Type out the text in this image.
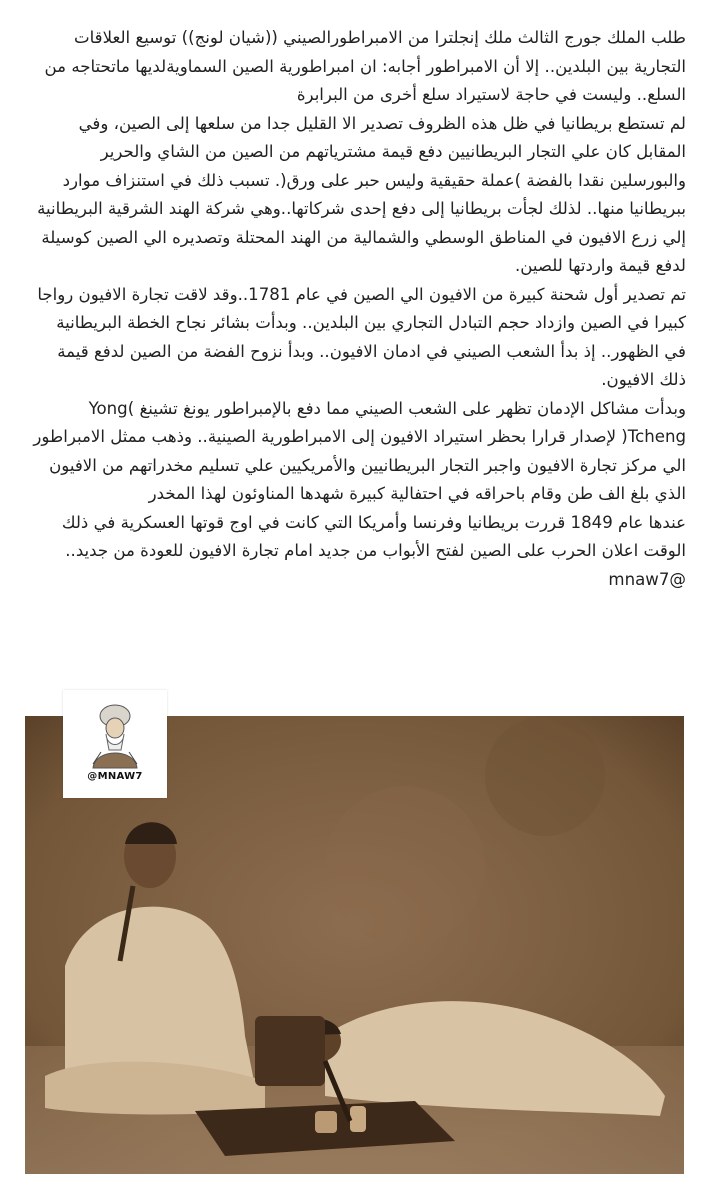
طلب الملك جورج الثالث ملك إنجلترا من الامبراطورالصيني ((شيان لونج)) توسيع العلاقات التجارية بين البلدين.. إلا أن الامبراطور أجابه: ان امبراطورية الصين السماويةلديها ماتحتاجه من السلع.. وليست في حاجة لاستيراد سلع أخرى من البرابرة

لم تستطع بريطانيا في ظل هذه الظروف تصدير الا القليل جدا من سلعها إلى الصين، وفي المقابل كان علي التجار البريطانيين دفع قيمة مشترياتهم من الصين من الشاي والحرير والبورسلين نقدا بالفضة )عملة حقيقية وليس حبر على ورق(. تسبب ذلك في استنزاف موارد ببريطانيا منها.. لذلك لجأت بريطانيا إلى دفع إحدى شركاتها..وهي شركة الهند الشرقية البريطانية إلي زرع الافيون في المناطق الوسطي والشمالية من الهند المحتلة وتصديره الي الصين كوسيلة لدفع قيمة واردتها للصين.

تم تصدير أول شحنة كبيرة من الافيون الي الصين في عام 1781..وقد لاقت تجارة الافيون رواجا كبيرا في الصين وازداد حجم التبادل التجاري بين البلدين.. وبدأت بشائر نجاح الخطة البريطانية في الظهور.. إذ بدأ الشعب الصيني في ادمان الافيون.. وبدأ نزوح الفضة من الصين لدفع قيمة ذلك الافيون.

وبدأت مشاكل الإدمان تظهر على الشعب الصيني مما دفع بالإمبراطور يونغ تشينغ )Yong Tcheng( لإصدار قرارا بحظر استيراد الافيون إلى الامبراطورية الصينية.. وذهب ممثل الامبراطور الي مركز تجارة الافيون واجبر التجار البريطانيين والأمريكيين علي تسليم مخدراتهم من الافيون الذي بلغ الف طن وقام باحراقه في احتفالية كبيرة شهدها المناوئون لهذا المخدر

عندها عام 1849 قررت بريطانيا وفرنسا وأمريكا التي كانت في اوج قوتها العسكرية في ذلك الوقت اعلان الحرب على الصين لفتح الأبواب من جديد امام تجارة الافيون للعودة من جديد.. @mnaw7

@MNAW7
